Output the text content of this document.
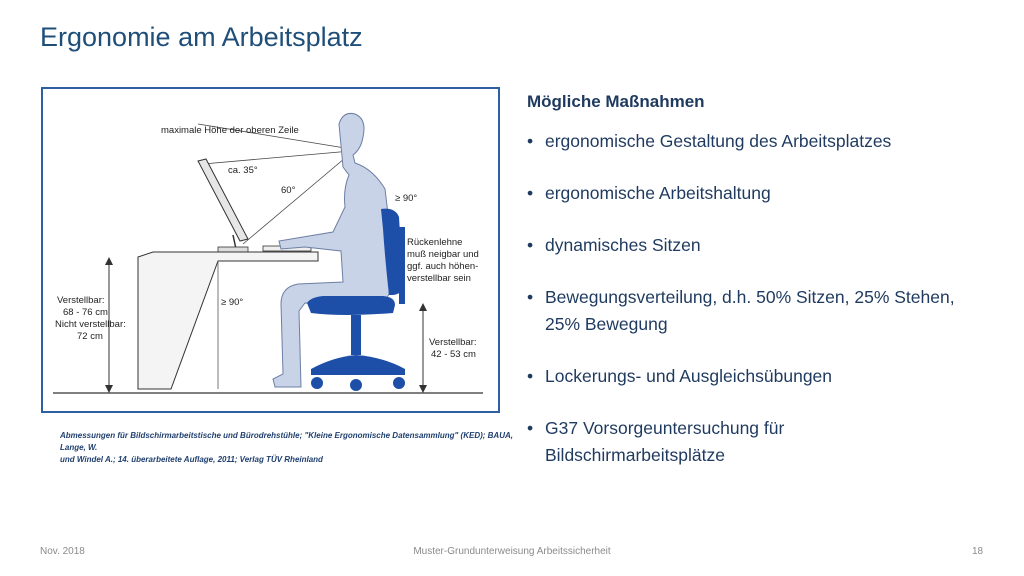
Ergonomie am Arbeitsplatz
maximale Höhe der oberen Zeile
ca. 35°
60°
≥ 90°
Rückenlehne
muß neigbar und
ggf. auch höhen-
verstellbar sein
≥ 90°
Verstellbar:
68 - 76 cm
Nicht verstellbar:
72 cm
Verstellbar:
42 - 53 cm
Abmessungen für Bildschirmarbeitstische und Bürodrehstühle; "Kleine Ergonomische Datensammlung" (KED); BAUA, Lange, W.
und Windel A.; 14. überarbeitete Auflage, 2011; Verlag TÜV Rheinland
Mögliche Maßnahmen
• ergonomische Gestaltung des Arbeitsplatzes
• ergonomische Arbeitshaltung
• dynamisches Sitzen
• Bewegungsverteilung, d.h. 50% Sitzen, 25% Stehen,
25% Bewegung
• Lockerungs- und Ausgleichsübungen
• G37 Vorsorgeuntersuchung für
Bildschirmarbeitsplätze
Nov. 2018	Muster-Grundunterweisung Arbeitssicherheit	18
